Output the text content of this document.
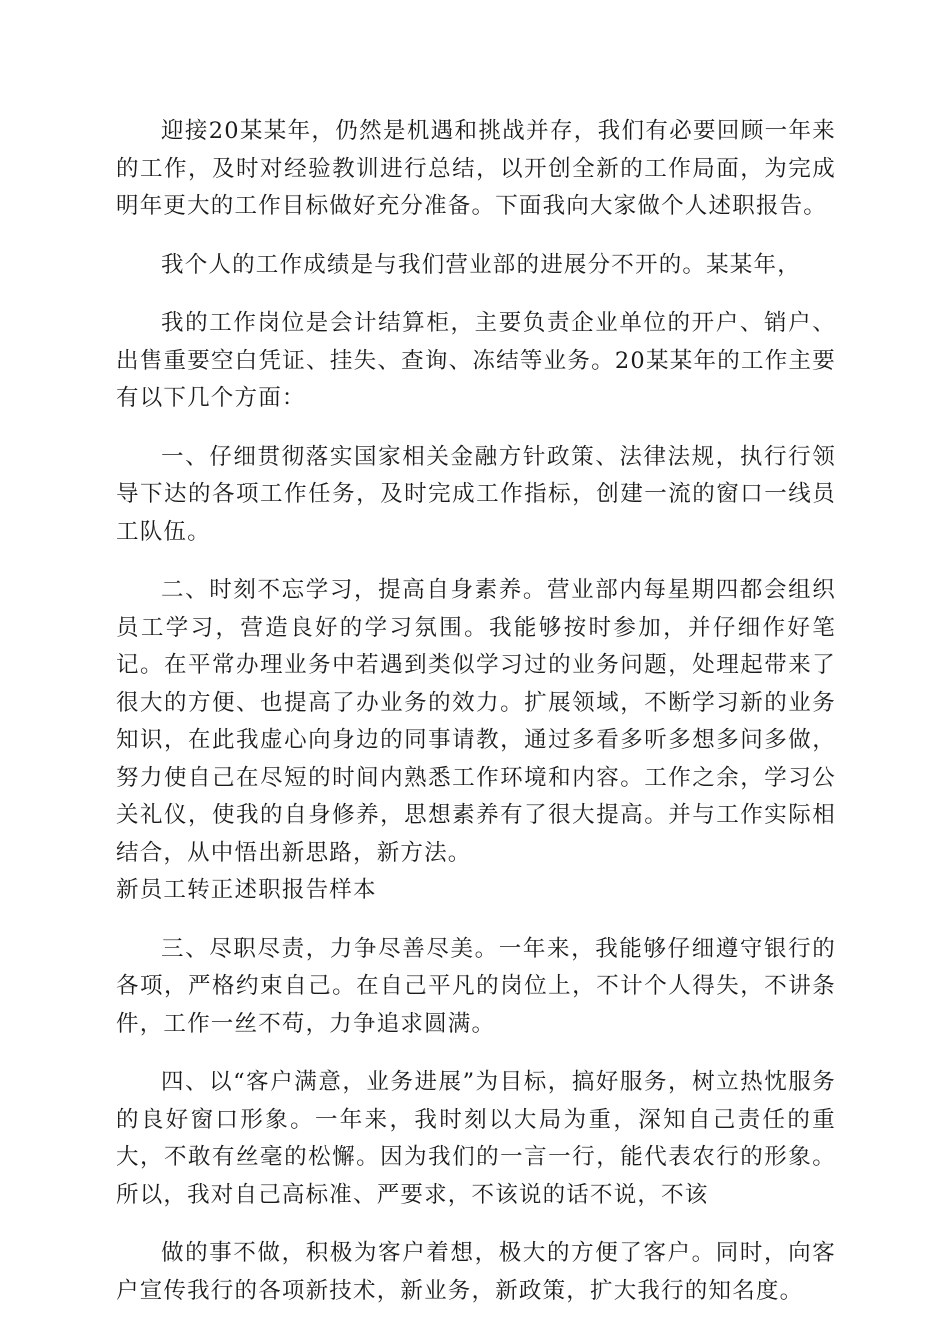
迎接20某某年，仍然是机遇和挑战并存，我们有必要回顾一年来的工作，及时对经验教训进行总结，以开创全新的工作局面，为完成明年更大的工作目标做好充分准备。下面我向大家做个人述职报告。

我个人的工作成绩是与我们营业部的进展分不开的。某某年，

我的工作岗位是会计结算柜，主要负责企业单位的开户、销户、出售重要空白凭证、挂失、查询、冻结等业务。20某某年的工作主要有以下几个方面：

一、仔细贯彻落实国家相关金融方针政策、法律法规，执行行领导下达的各项工作任务，及时完成工作指标，创建一流的窗口一线员工队伍。

二、时刻不忘学习，提高自身素养。营业部内每星期四都会组织员工学习，营造良好的学习氛围。我能够按时参加，并仔细作好笔记。在平常办理业务中若遇到类似学习过的业务问题，处理起带来了很大的方便、也提高了办业务的效力。扩展领域，不断学习新的业务知识，在此我虚心向身边的同事请教，通过多看多听多想多问多做，努力使自己在尽短的时间内熟悉工作环境和内容。工作之余，学习公关礼仪，使我的自身修养，思想素养有了很大提高。并与工作实际相结合，从中悟出新思路，新方法。

新员工转正述职报告样本

三、尽职尽责，力争尽善尽美。一年来，我能够仔细遵守银行的各项，严格约束自己。在自己平凡的岗位上，不计个人得失，不讲条件，工作一丝不苟，力争追求圆满。

四、以“客户满意，业务进展”为目标，搞好服务，树立热忱服务的良好窗口形象。一年来，我时刻以大局为重，深知自己责任的重大，不敢有丝毫的松懈。因为我们的一言一行，能代表农行的形象。所以，我对自己高标准、严要求，不该说的话不说，不该

做的事不做，积极为客户着想，极大的方便了客户。同时，向客户宣传我行的各项新技术，新业务，新政策，扩大我行的知名度。
